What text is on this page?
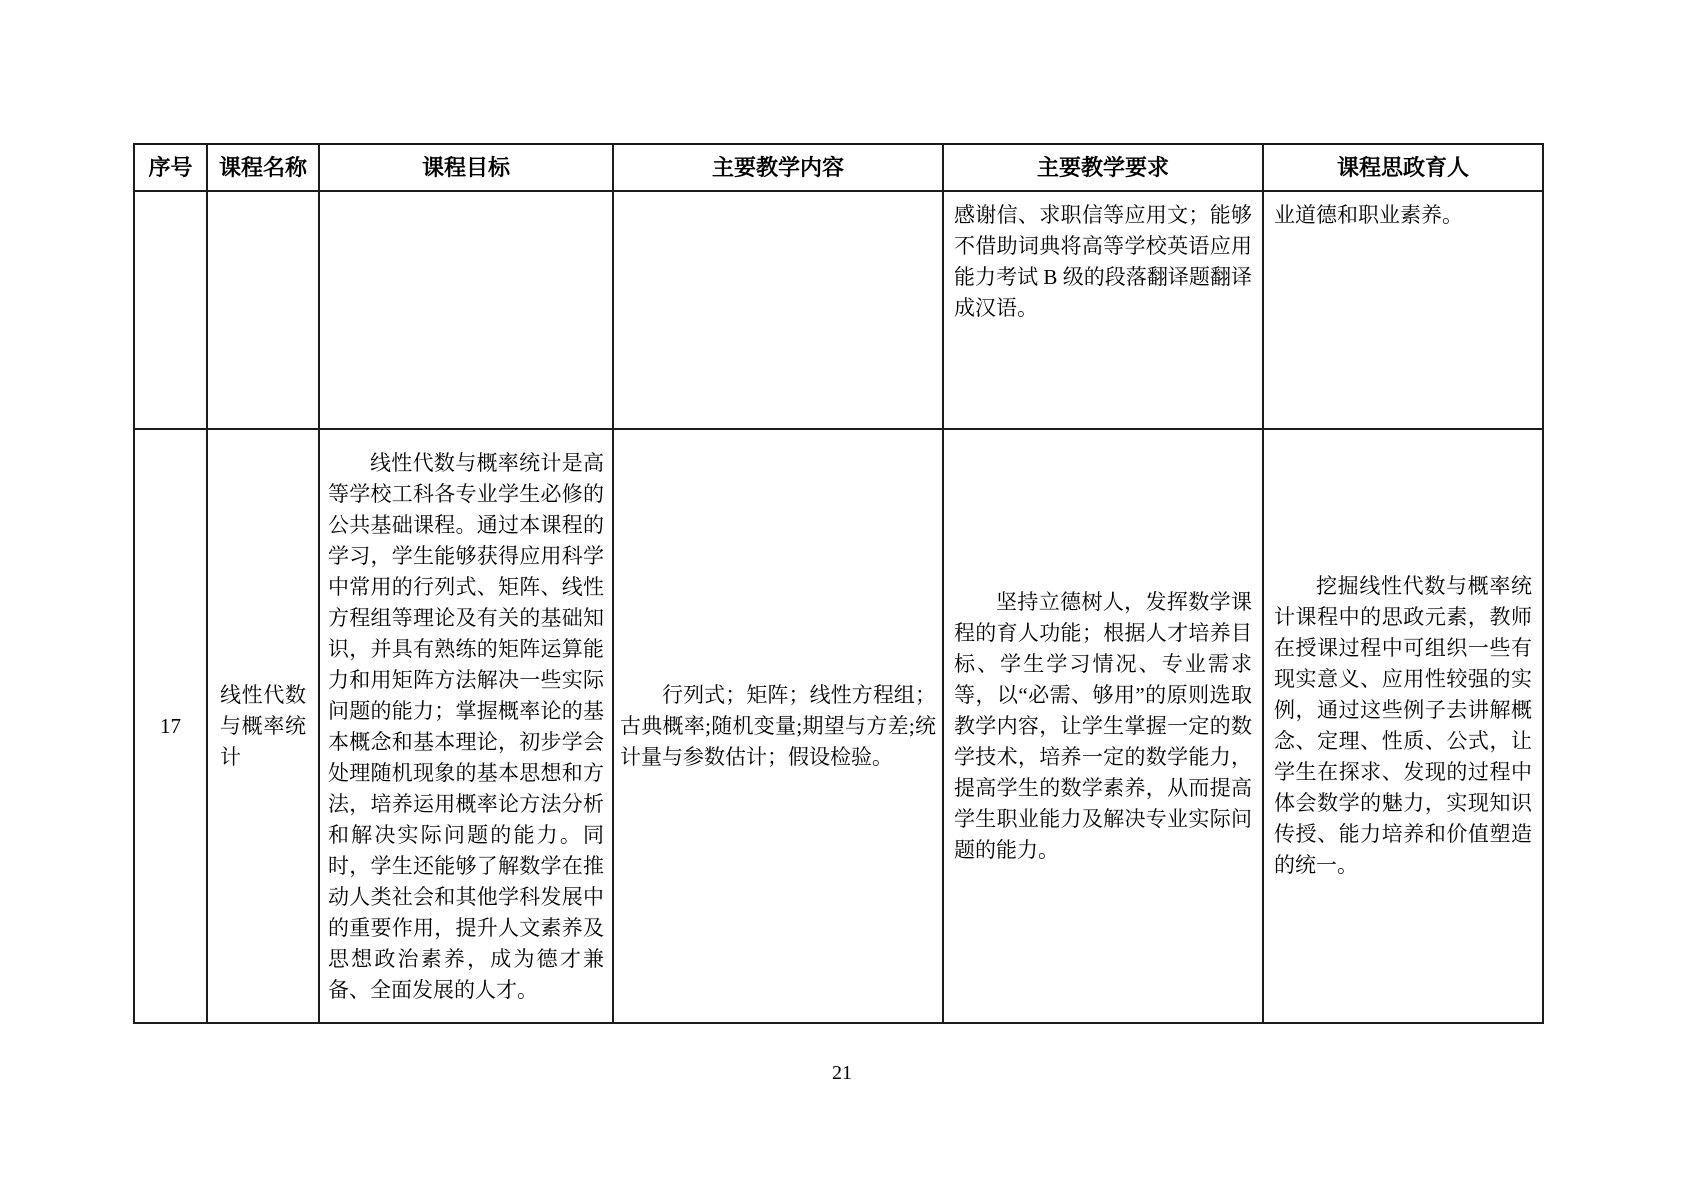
序号	课程名称	课程目标	主要教学内容	主要教学要求	课程思政育人
				感谢信、求职信等应用文；能够不借助词典将高等学校英语应用能力考试 B 级的段落翻译题翻译成汉语。	业道德和职业素养。
17	线性代数与概率统计	线性代数与概率统计是高等学校工科各专业学生必修的公共基础课程。通过本课程的学习，学生能够获得应用科学中常用的行列式、矩阵、线性方程组等理论及有关的基础知识，并具有熟练的矩阵运算能力和用矩阵方法解决一些实际问题的能力；掌握概率论的基本概念和基本理论，初步学会处理随机现象的基本思想和方法，培养运用概率论方法分析和解决实际问题的能力。同时，学生还能够了解数学在推动人类社会和其他学科发展中的重要作用，提升人文素养及思想政治素养，成为德才兼备、全面发展的人才。	行列式；矩阵；线性方程组；古典概率;随机变量;期望与方差;统计量与参数估计；假设检验。	坚持立德树人，发挥数学课程的育人功能；根据人才培养目标、学生学习情况、专业需求等，以“必需、够用”的原则选取教学内容，让学生掌握一定的数学技术，培养一定的数学能力，提高学生的数学素养，从而提高学生职业能力及解决专业实际问题的能力。	挖掘线性代数与概率统计课程中的思政元素，教师在授课过程中可组织一些有现实意义、应用性较强的实例，通过这些例子去讲解概念、定理、性质、公式，让学生在探求、发现的过程中体会数学的魅力，实现知识传授、能力培养和价值塑造的统一。
21
